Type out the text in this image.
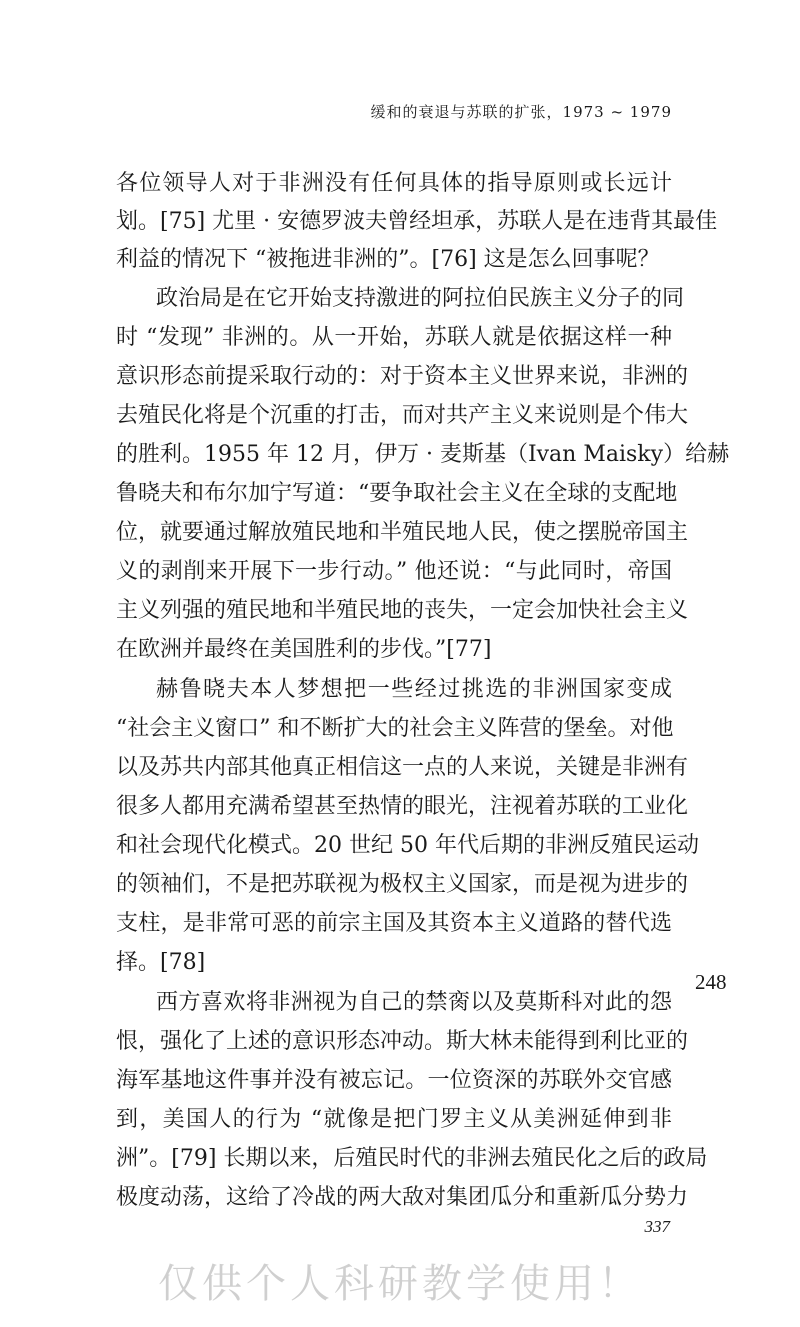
缓和的衰退与苏联的扩张，1973 ~ 1979
各位领导人对于非洲没有任何具体的指导原则或长远计
划。[75] 尤里 · 安德罗波夫曾经坦承，苏联人是在违背其最佳
利益的情况下 “被拖进非洲的”。[76] 这是怎么回事呢？
政治局是在它开始支持激进的阿拉伯民族主义分子的同
时 “发现” 非洲的。从一开始，苏联人就是依据这样一种
意识形态前提采取行动的：对于资本主义世界来说，非洲的
去殖民化将是个沉重的打击，而对共产主义来说则是个伟大
的胜利。1955 年 12 月，伊万 · 麦斯基（Ivan Maisky）给赫
鲁晓夫和布尔加宁写道：“要争取社会主义在全球的支配地
位，就要通过解放殖民地和半殖民地人民，使之摆脱帝国主
义的剥削来开展下一步行动。” 他还说：“与此同时，帝国
主义列强的殖民地和半殖民地的丧失，一定会加快社会主义
在欧洲并最终在美国胜利的步伐。”[77]
赫鲁晓夫本人梦想把一些经过挑选的非洲国家变成
“社会主义窗口” 和不断扩大的社会主义阵营的堡垒。对他
以及苏共内部其他真正相信这一点的人来说，关键是非洲有
很多人都用充满希望甚至热情的眼光，注视着苏联的工业化
和社会现代化模式。20 世纪 50 年代后期的非洲反殖民运动
的领袖们，不是把苏联视为极权主义国家，而是视为进步的
支柱，是非常可恶的前宗主国及其资本主义道路的替代选
择。[78]
西方喜欢将非洲视为自己的禁脔以及莫斯科对此的怨
恨，强化了上述的意识形态冲动。斯大林未能得到利比亚的
海军基地这件事并没有被忘记。一位资深的苏联外交官感
到，美国人的行为 “就像是把门罗主义从美洲延伸到非
洲”。[79] 长期以来，后殖民时代的非洲去殖民化之后的政局
极度动荡，这给了冷战的两大敌对集团瓜分和重新瓜分势力
248
337
仅供个人科研教学使用！
